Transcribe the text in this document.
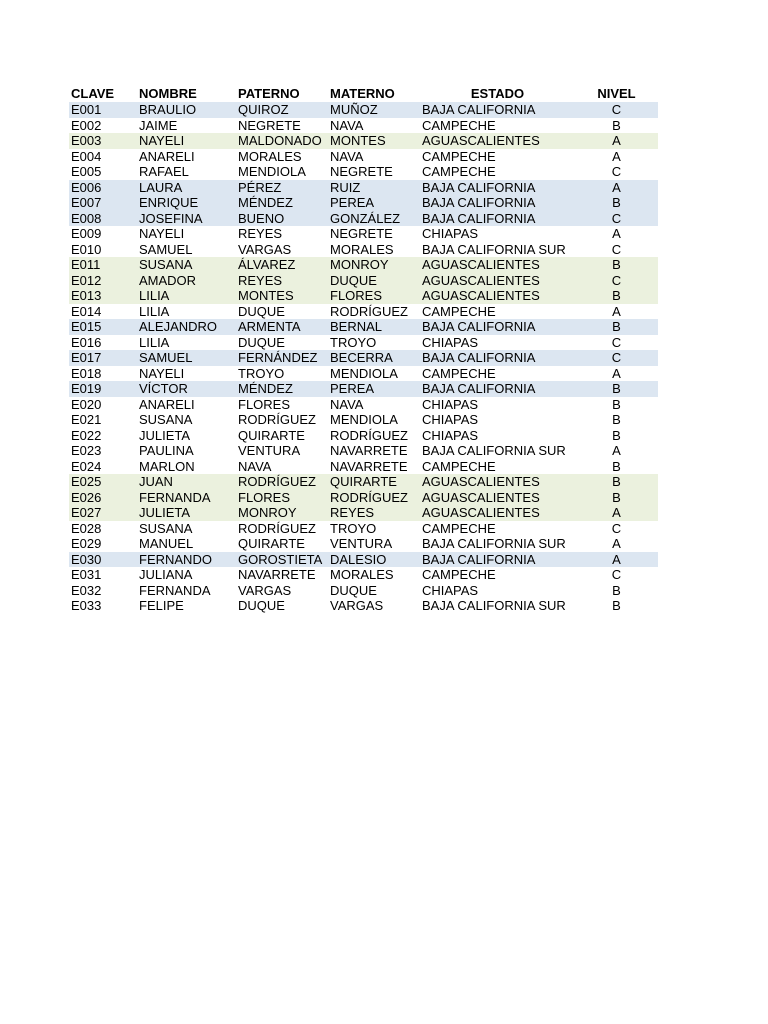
CLAVE	NOMBRE	PATERNO	MATERNO	ESTADO	NIVEL
E001	BRAULIO	QUIROZ	MUÑOZ	BAJA CALIFORNIA	C
E002	JAIME	NEGRETE	NAVA	CAMPECHE	B
E003	NAYELI	MALDONADO	MONTES	AGUASCALIENTES	A
E004	ANARELI	MORALES	NAVA	CAMPECHE	A
E005	RAFAEL	MENDIOLA	NEGRETE	CAMPECHE	C
E006	LAURA	PÉREZ	RUIZ	BAJA CALIFORNIA	A
E007	ENRIQUE	MÉNDEZ	PEREA	BAJA CALIFORNIA	B
E008	JOSEFINA	BUENO	GONZÁLEZ	BAJA CALIFORNIA	C
E009	NAYELI	REYES	NEGRETE	CHIAPAS	A
E010	SAMUEL	VARGAS	MORALES	BAJA CALIFORNIA SUR	C
E011	SUSANA	ÁLVAREZ	MONROY	AGUASCALIENTES	B
E012	AMADOR	REYES	DUQUE	AGUASCALIENTES	C
E013	LILIA	MONTES	FLORES	AGUASCALIENTES	B
E014	LILIA	DUQUE	RODRÍGUEZ	CAMPECHE	A
E015	ALEJANDRO	ARMENTA	BERNAL	BAJA CALIFORNIA	B
E016	LILIA	DUQUE	TROYO	CHIAPAS	C
E017	SAMUEL	FERNÁNDEZ	BECERRA	BAJA CALIFORNIA	C
E018	NAYELI	TROYO	MENDIOLA	CAMPECHE	A
E019	VÍCTOR	MÉNDEZ	PEREA	BAJA CALIFORNIA	B
E020	ANARELI	FLORES	NAVA	CHIAPAS	B
E021	SUSANA	RODRÍGUEZ	MENDIOLA	CHIAPAS	B
E022	JULIETA	QUIRARTE	RODRÍGUEZ	CHIAPAS	B
E023	PAULINA	VENTURA	NAVARRETE	BAJA CALIFORNIA SUR	A
E024	MARLON	NAVA	NAVARRETE	CAMPECHE	B
E025	JUAN	RODRÍGUEZ	QUIRARTE	AGUASCALIENTES	B
E026	FERNANDA	FLORES	RODRÍGUEZ	AGUASCALIENTES	B
E027	JULIETA	MONROY	REYES	AGUASCALIENTES	A
E028	SUSANA	RODRÍGUEZ	TROYO	CAMPECHE	C
E029	MANUEL	QUIRARTE	VENTURA	BAJA CALIFORNIA SUR	A
E030	FERNANDO	GOROSTIETA	DALESIO	BAJA CALIFORNIA	A
E031	JULIANA	NAVARRETE	MORALES	CAMPECHE	C
E032	FERNANDA	VARGAS	DUQUE	CHIAPAS	B
E033	FELIPE	DUQUE	VARGAS	BAJA CALIFORNIA SUR	B
